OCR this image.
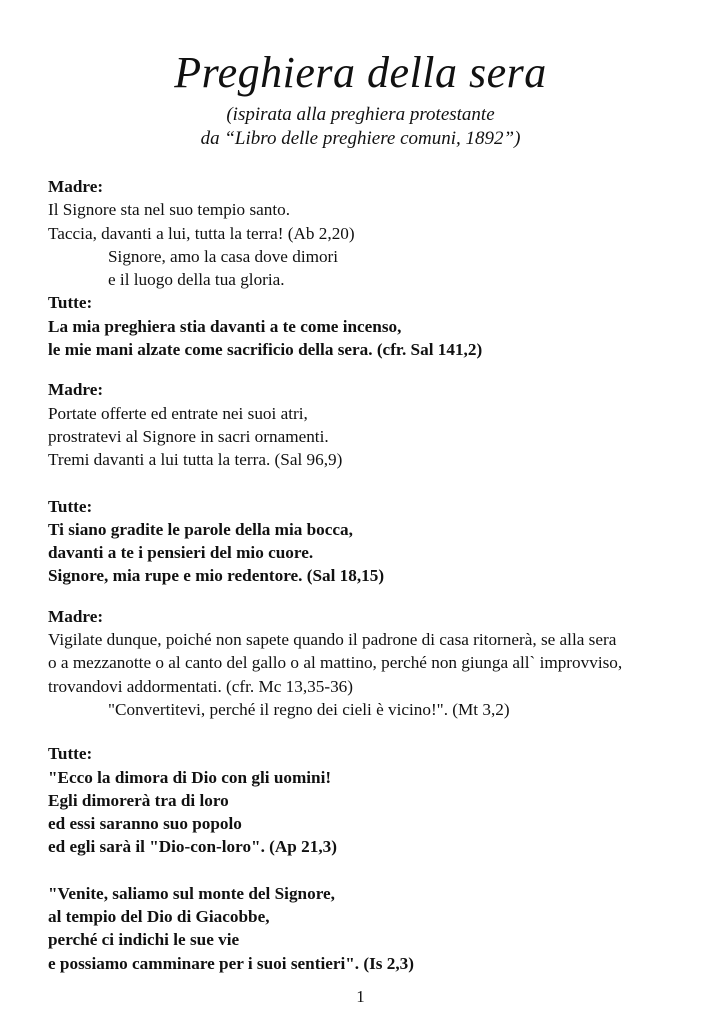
Preghiera della sera
(ispirata alla preghiera protestante
da “Libro delle preghiere comuni, 1892”)
Madre:
Il Signore sta nel suo tempio santo.
Taccia, davanti a lui, tutta la terra! (Ab 2,20)
Signore, amo la casa dove dimori
e il luogo della tua gloria.
Tutte:
La mia preghiera stia davanti a te come incenso,
le mie mani alzate come sacrificio della sera. (cfr. Sal 141,2)
Madre:
Portate offerte ed entrate nei suoi atri,
prostratevi al Signore in sacri ornamenti.
Tremi davanti a lui tutta la terra. (Sal 96,9)
Tutte:
Ti siano gradite le parole della mia bocca,
davanti a te i pensieri del mio cuore.
Signore, mia rupe e mio redentore. (Sal 18,15)
Madre:
Vigilate dunque, poiché non sapete quando il padrone di casa ritornerà, se alla sera
o a mezzanotte o al canto del gallo o al mattino, perché non giunga all` improvviso,
trovandovi addormentati. (cfr. Mc 13,35-36)
"Convertitevi, perché il regno dei cieli è vicino!". (Mt 3,2)
Tutte:
"Ecco la dimora di Dio con gli uomini!
Egli dimorerà tra di loro
ed essi saranno suo popolo
ed egli sarà il "Dio-con-loro". (Ap 21,3)
"Venite, saliamo sul monte del Signore,
al tempio del Dio di Giacobbe,
perché ci indichi le sue vie
e possiamo camminare per i suoi sentieri". (Is 2,3)
1
